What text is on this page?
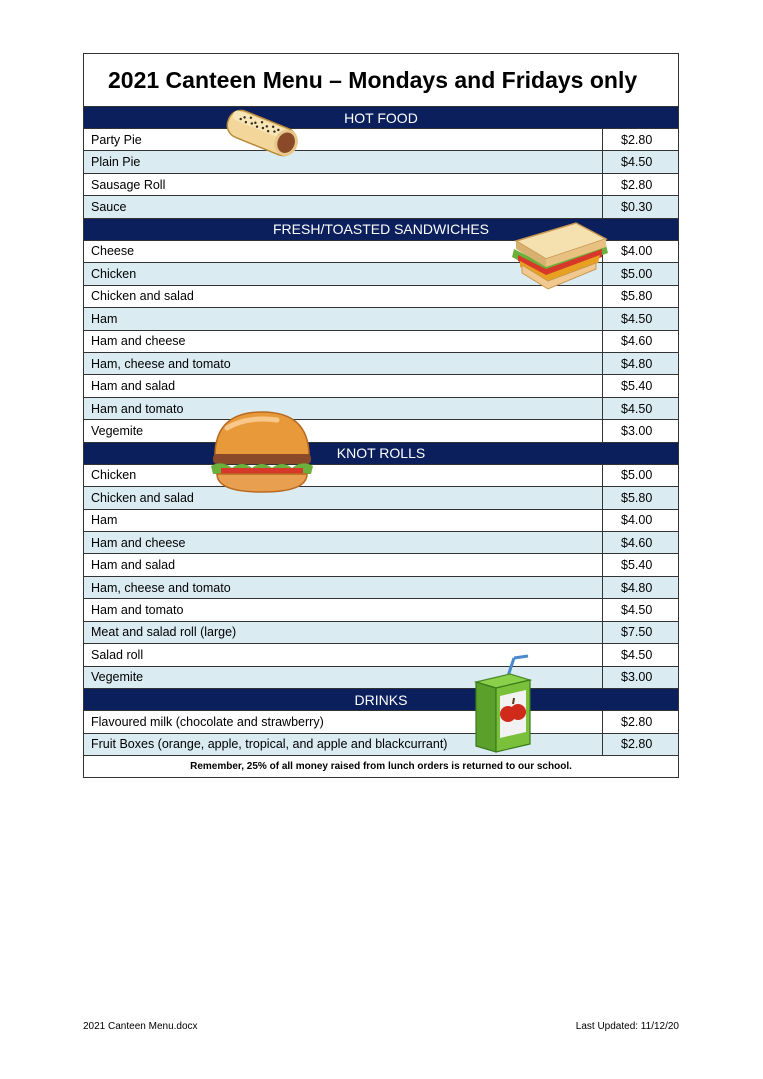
2021 Canteen Menu – Mondays and Fridays only
HOT FOOD
Party Pie	$2.80
Plain Pie	$4.50
Sausage Roll	$2.80
Sauce	$0.30
FRESH/TOASTED SANDWICHES
Cheese	$4.00
Chicken	$5.00
Chicken and salad	$5.80
Ham	$4.50
Ham and cheese	$4.60
Ham, cheese and tomato	$4.80
Ham and salad	$5.40
Ham and tomato	$4.50
Vegemite	$3.00
KNOT ROLLS
Chicken	$5.00
Chicken and salad	$5.80
Ham	$4.00
Ham and cheese	$4.60
Ham and salad	$5.40
Ham, cheese and tomato	$4.80
Ham and tomato	$4.50
Meat and salad roll (large)	$7.50
Salad roll	$4.50
Vegemite	$3.00
DRINKS
Flavoured milk (chocolate and strawberry)	$2.80
Fruit Boxes (orange, apple, tropical, and apple and blackcurrant)	$2.80
Remember, 25% of all money raised from lunch orders is returned to our school.
2021 Canteen Menu.docx	Last Updated: 11/12/20
